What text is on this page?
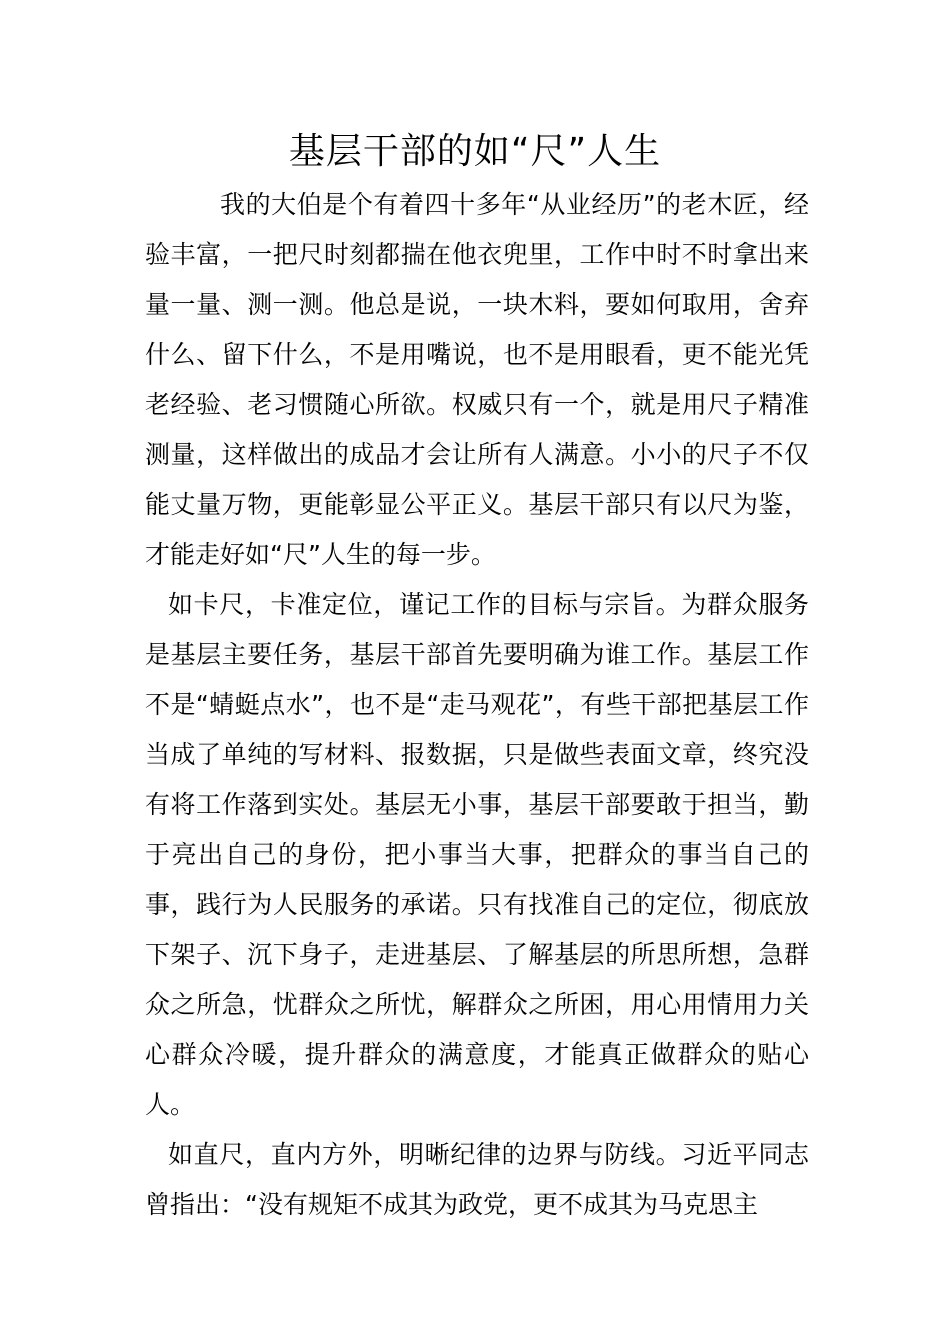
基层干部的如“尺”人生

我的大伯是个有着四十多年“从业经历”的老木匠，经验丰富，一把尺时刻都揣在他衣兜里，工作中时不时拿出来量一量、测一测。他总是说，一块木料，要如何取用，舍弃什么、留下什么，不是用嘴说，也不是用眼看，更不能光凭老经验、老习惯随心所欲。权威只有一个，就是用尺子精准测量，这样做出的成品才会让所有人满意。小小的尺子不仅能丈量万物，更能彰显公平正义。基层干部只有以尺为鉴，才能走好如“尺”人生的每一步。

如卡尺，卡准定位，谨记工作的目标与宗旨。为群众服务是基层主要任务，基层干部首先要明确为谁工作。基层工作不是“蜻蜓点水”，也不是“走马观花”，有些干部把基层工作当成了单纯的写材料、报数据，只是做些表面文章，终究没有将工作落到实处。基层无小事，基层干部要敢于担当，勤于亮出自己的身份，把小事当大事，把群众的事当自己的事，践行为人民服务的承诺。只有找准自己的定位，彻底放下架子、沉下身子，走进基层、了解基层的所思所想，急群众之所急，忧群众之所忧，解群众之所困，用心用情用力关心群众冷暖，提升群众的满意度，才能真正做群众的贴心人。

如直尺，直内方外，明晰纪律的边界与防线。习近平同志曾指出：“没有规矩不成其为政党，更不成其为马克思主
